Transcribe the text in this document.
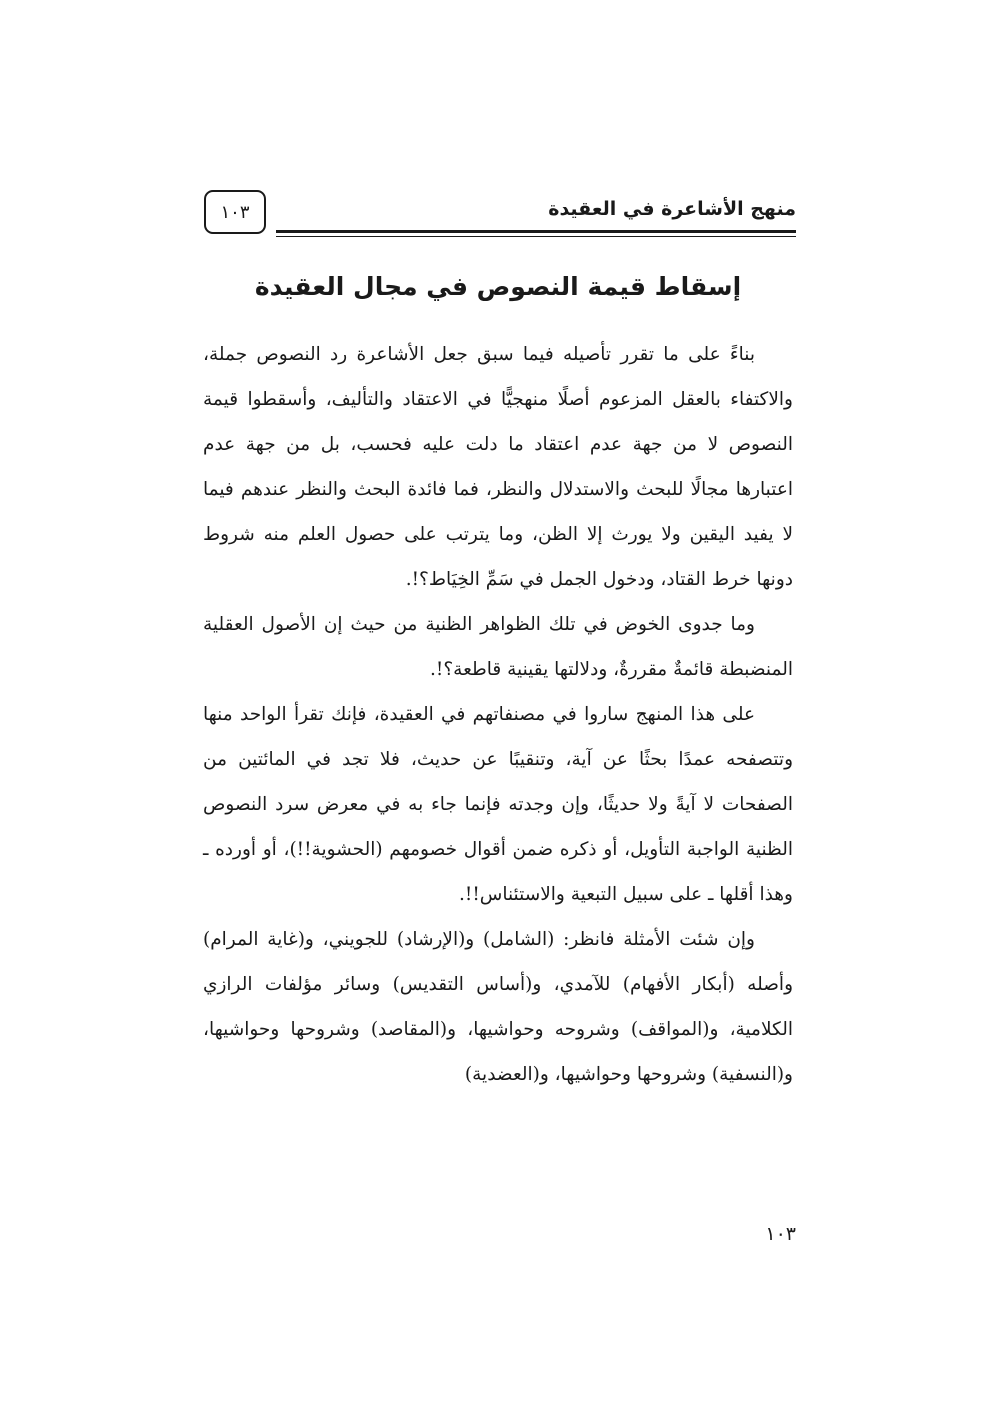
١٠٣	منهج الأشاعرة في العقيدة
إسقاط قيمة النصوص في مجال العقيدة

بناءً على ما تقرر تأصيله فيما سبق جعل الأشاعرة رد النصوص جملة، والاكتفاء بالعقل المزعوم أصلًا منهجيًّا في الاعتقاد والتأليف، وأسقطوا قيمة النصوص لا من جهة عدم اعتقاد ما دلت عليه فحسب، بل من جهة عدم اعتبارها مجالًا للبحث والاستدلال والنظر، فما فائدة البحث والنظر عندهم فيما لا يفيد اليقين ولا يورث إلا الظن، وما يترتب على حصول العلم منه شروط دونها خرط القتاد، ودخول الجمل في سَمِّ الخِيَاط؟!.

وما جدوى الخوض في تلك الظواهر الظنية من حيث إن الأصول العقلية المنضبطة قائمةٌ مقررةٌ، ودلالتها يقينية قاطعة؟!.

على هذا المنهج ساروا في مصنفاتهم في العقيدة، فإنك تقرأ الواحد منها وتتصفحه عمدًا بحثًا عن آية، وتنقيبًا عن حديث، فلا تجد في المائتين من الصفحات لا آيةً ولا حديثًا، وإن وجدته فإنما جاء به في معرض سرد النصوص الظنية الواجبة التأويل، أو ذكره ضمن أقوال خصومهم (الحشوية!!)، أو أورده ـ وهذا أقلها ـ على سبيل التبعية والاستئناس!!.

وإن شئت الأمثلة فانظر: (الشامل) و(الإرشاد) للجويني، و(غاية المرام) وأصله (أبكار الأفهام) للآمدي، و(أساس التقديس) وسائر مؤلفات الرازي الكلامية، و(المواقف) وشروحه وحواشيها، و(المقاصد) وشروحها وحواشيها، و(النسفية) وشروحها وحواشيها، و(العضدية)

١٠٣
